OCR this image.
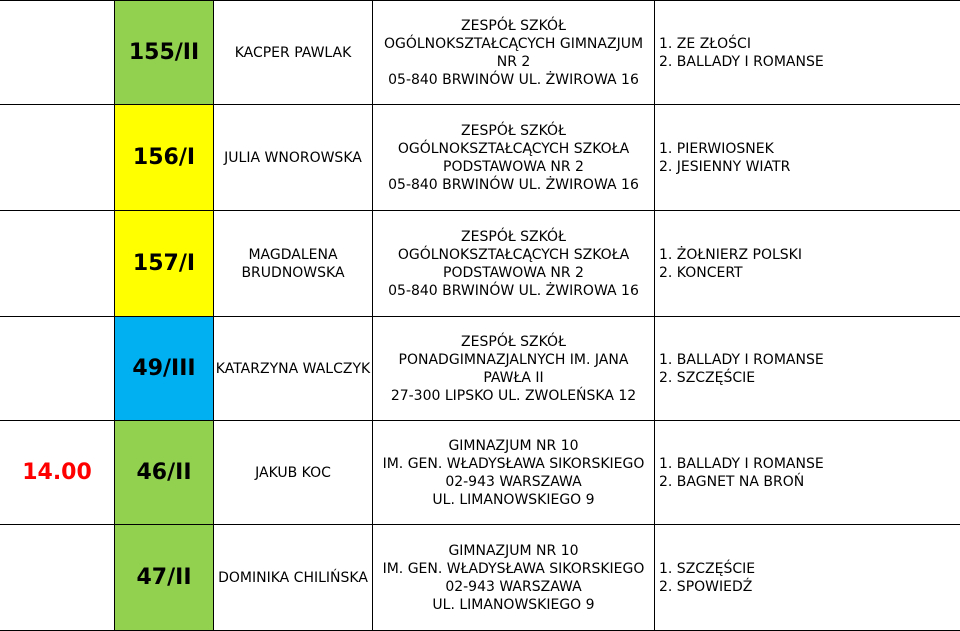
	155/II	KACPER PAWLAK	ZESPÓŁ SZKÓŁ
OGÓLNOKSZTAŁCĄCYCH GIMNAZJUM
NR 2
05-840 BRWINÓW UL. ŻWIROWA 16	1. ZE ZŁOŚCI
2. BALLADY I ROMANSE

	156/I	JULIA WNOROWSKA	ZESPÓŁ SZKÓŁ
OGÓLNOKSZTAŁCĄCYCH SZKOŁA
PODSTAWOWA NR 2
05-840 BRWINÓW UL. ŻWIROWA 16	1. PIERWIOSNEK
2. JESIENNY WIATR

	157/I	MAGDALENA
BRUDNOWSKA	ZESPÓŁ SZKÓŁ
OGÓLNOKSZTAŁCĄCYCH SZKOŁA
PODSTAWOWA NR 2
05-840 BRWINÓW UL. ŻWIROWA 16	1. ŻOŁNIERZ POLSKI
2. KONCERT

	49/III	KATARZYNA WALCZYK	ZESPÓŁ SZKÓŁ
PONADGIMNAZJALNYCH IM. JANA
PAWŁA II
27-300 LIPSKO UL. ZWOLEŃSKA 12	1. BALLADY I ROMANSE
2. SZCZĘŚCIE

14.00	46/II	JAKUB KOC	GIMNAZJUM NR 10
IM. GEN. WŁADYSŁAWA SIKORSKIEGO
02-943 WARSZAWA
UL. LIMANOWSKIEGO 9	1. BALLADY I ROMANSE
2. BAGNET NA BROŃ

	47/II	DOMINIKA CHILIŃSKA	GIMNAZJUM NR 10
IM. GEN. WŁADYSŁAWA SIKORSKIEGO
02-943 WARSZAWA
UL. LIMANOWSKIEGO 9	1. SZCZĘŚCIE
2. SPOWIEDŹ
